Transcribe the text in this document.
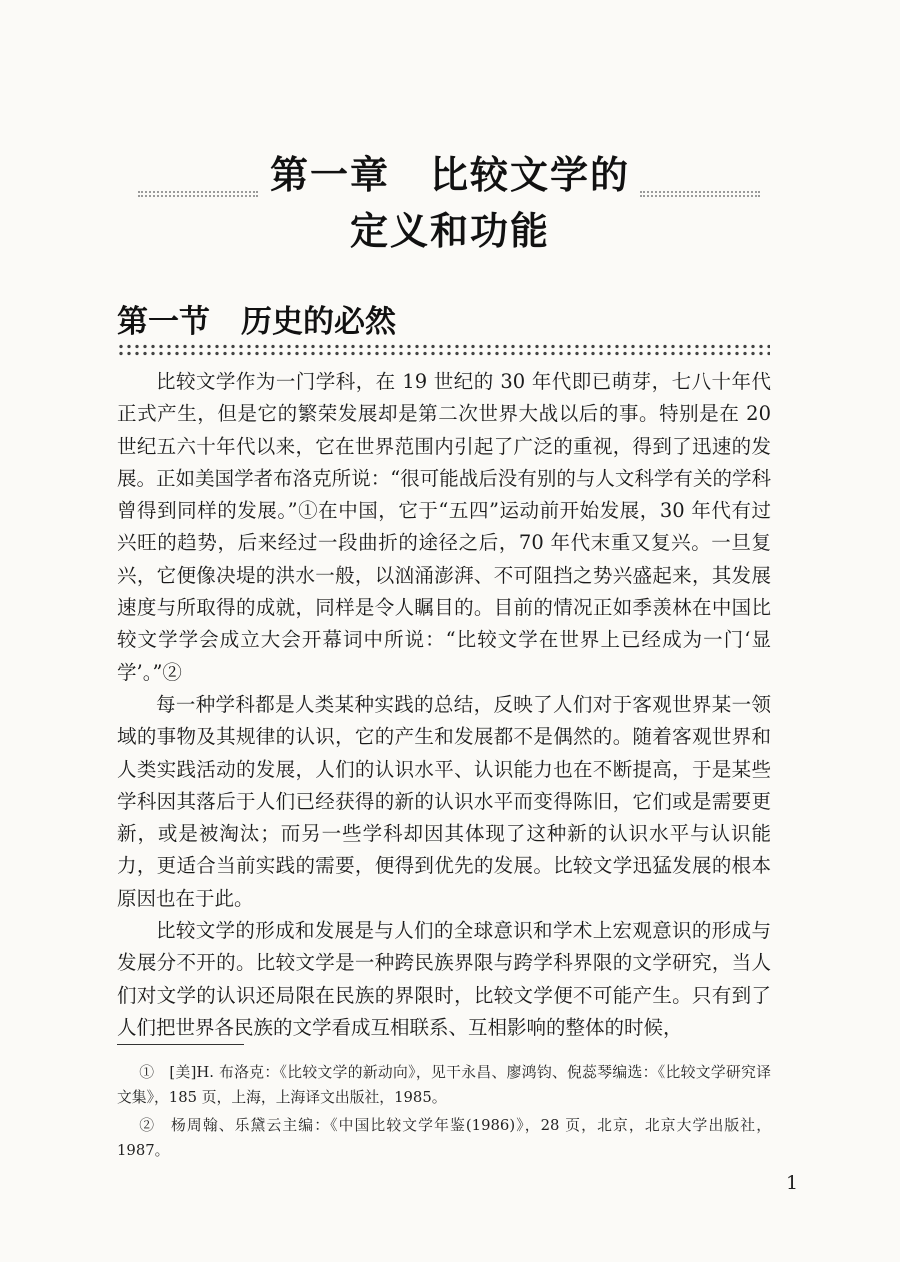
第一章　比较文学的
定义和功能
第一节　历史的必然

比较文学作为一门学科，在 19 世纪的 30 年代即已萌芽，七八十年代正式产生，但是它的繁荣发展却是第二次世界大战以后的事。特别是在 20 世纪五六十年代以来，它在世界范围内引起了广泛的重视，得到了迅速的发展。正如美国学者布洛克所说：“很可能战后没有别的与人文科学有关的学科曾得到同样的发展。”①在中国，它于“五四”运动前开始发展，30 年代有过兴旺的趋势，后来经过一段曲折的途径之后，70 年代末重又复兴。一旦复兴，它便像决堤的洪水一般，以汹涌澎湃、不可阻挡之势兴盛起来，其发展速度与所取得的成就，同样是令人瞩目的。目前的情况正如季羡林在中国比较文学学会成立大会开幕词中所说：“比较文学在世界上已经成为一门‘显学’。”②

每一种学科都是人类某种实践的总结，反映了人们对于客观世界某一领域的事物及其规律的认识，它的产生和发展都不是偶然的。随着客观世界和人类实践活动的发展，人们的认识水平、认识能力也在不断提高，于是某些学科因其落后于人们已经获得的新的认识水平而变得陈旧，它们或是需要更新，或是被淘汰；而另一些学科却因其体现了这种新的认识水平与认识能力，更适合当前实践的需要，便得到优先的发展。比较文学迅猛发展的根本原因也在于此。

比较文学的形成和发展是与人们的全球意识和学术上宏观意识的形成与发展分不开的。比较文学是一种跨民族界限与跨学科界限的文学研究，当人们对文学的认识还局限在民族的界限时，比较文学便不可能产生。只有到了人们把世界各民族的文学看成互相联系、互相影响的整体的时候，

①　[美]H. 布洛克：《比较文学的新动向》，见干永昌、廖鸿钧、倪蕊琴编选：《比较文学研究译文集》，185 页，上海，上海译文出版社，1985。

②　杨周翰、乐黛云主编：《中国比较文学年鉴(1986)》，28 页，北京，北京大学出版社，1987。

1
